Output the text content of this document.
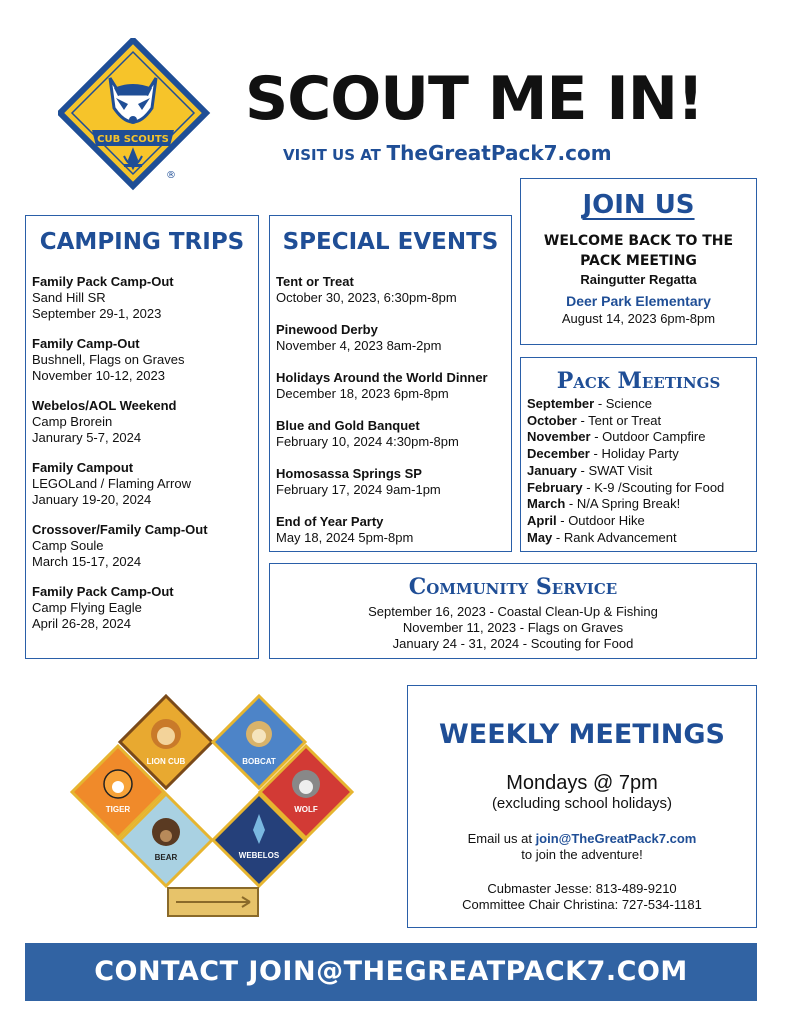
CUB SCOUTS
®
SCOUT ME IN!
VISIT US AT TheGreatPack7.com
JOIN US
WELCOME BACK TO THE PACK MEETING
Raingutter Regatta
Deer Park Elementary
August 14, 2023 6pm-8pm
CAMPING TRIPS
Family Pack Camp-Out
Sand Hill SR
September 29-1, 2023
Family Camp-Out
Bushnell, Flags on Graves
November 10-12, 2023
Webelos/AOL Weekend
Camp Brorein
Janurary 5-7, 2024
Family Campout
LEGOLand / Flaming Arrow
January 19-20, 2024
Crossover/Family Camp-Out
Camp Soule
March 15-17, 2024
Family Pack Camp-Out
Camp Flying Eagle
April 26-28, 2024
SPECIAL EVENTS
Tent or Treat
October 30, 2023, 6:30pm-8pm
Pinewood Derby
November 4, 2023 8am-2pm
Holidays Around the World Dinner
December 18, 2023 6pm-8pm
Blue and Gold Banquet
February 10, 2024 4:30pm-8pm
Homosassa Springs SP
February 17, 2024 9am-1pm
End of Year Party
May 18, 2024 5pm-8pm
Pack Meetings
September - Science
October - Tent or Treat
November - Outdoor Campfire
December - Holiday Party
January - SWAT Visit
February - K-9 /Scouting for Food
March - N/A Spring Break!
April - Outdoor Hike
May - Rank Advancement
Community Service
September 16, 2023 - Coastal Clean-Up & Fishing
November 11, 2023 - Flags on Graves
January 24 - 31, 2024 - Scouting for Food
LION CUB	BOBCAT
TIGER	WOLF
BEAR	WEBELOS
WEEKLY MEETINGS
Mondays @ 7pm
(excluding school holidays)
Email us at join@TheGreatPack7.com
to join the adventure!
Cubmaster Jesse: 813-489-9210
Committee Chair Christina: 727-534-1181
CONTACT JOIN@THEGREATPACK7.COM
